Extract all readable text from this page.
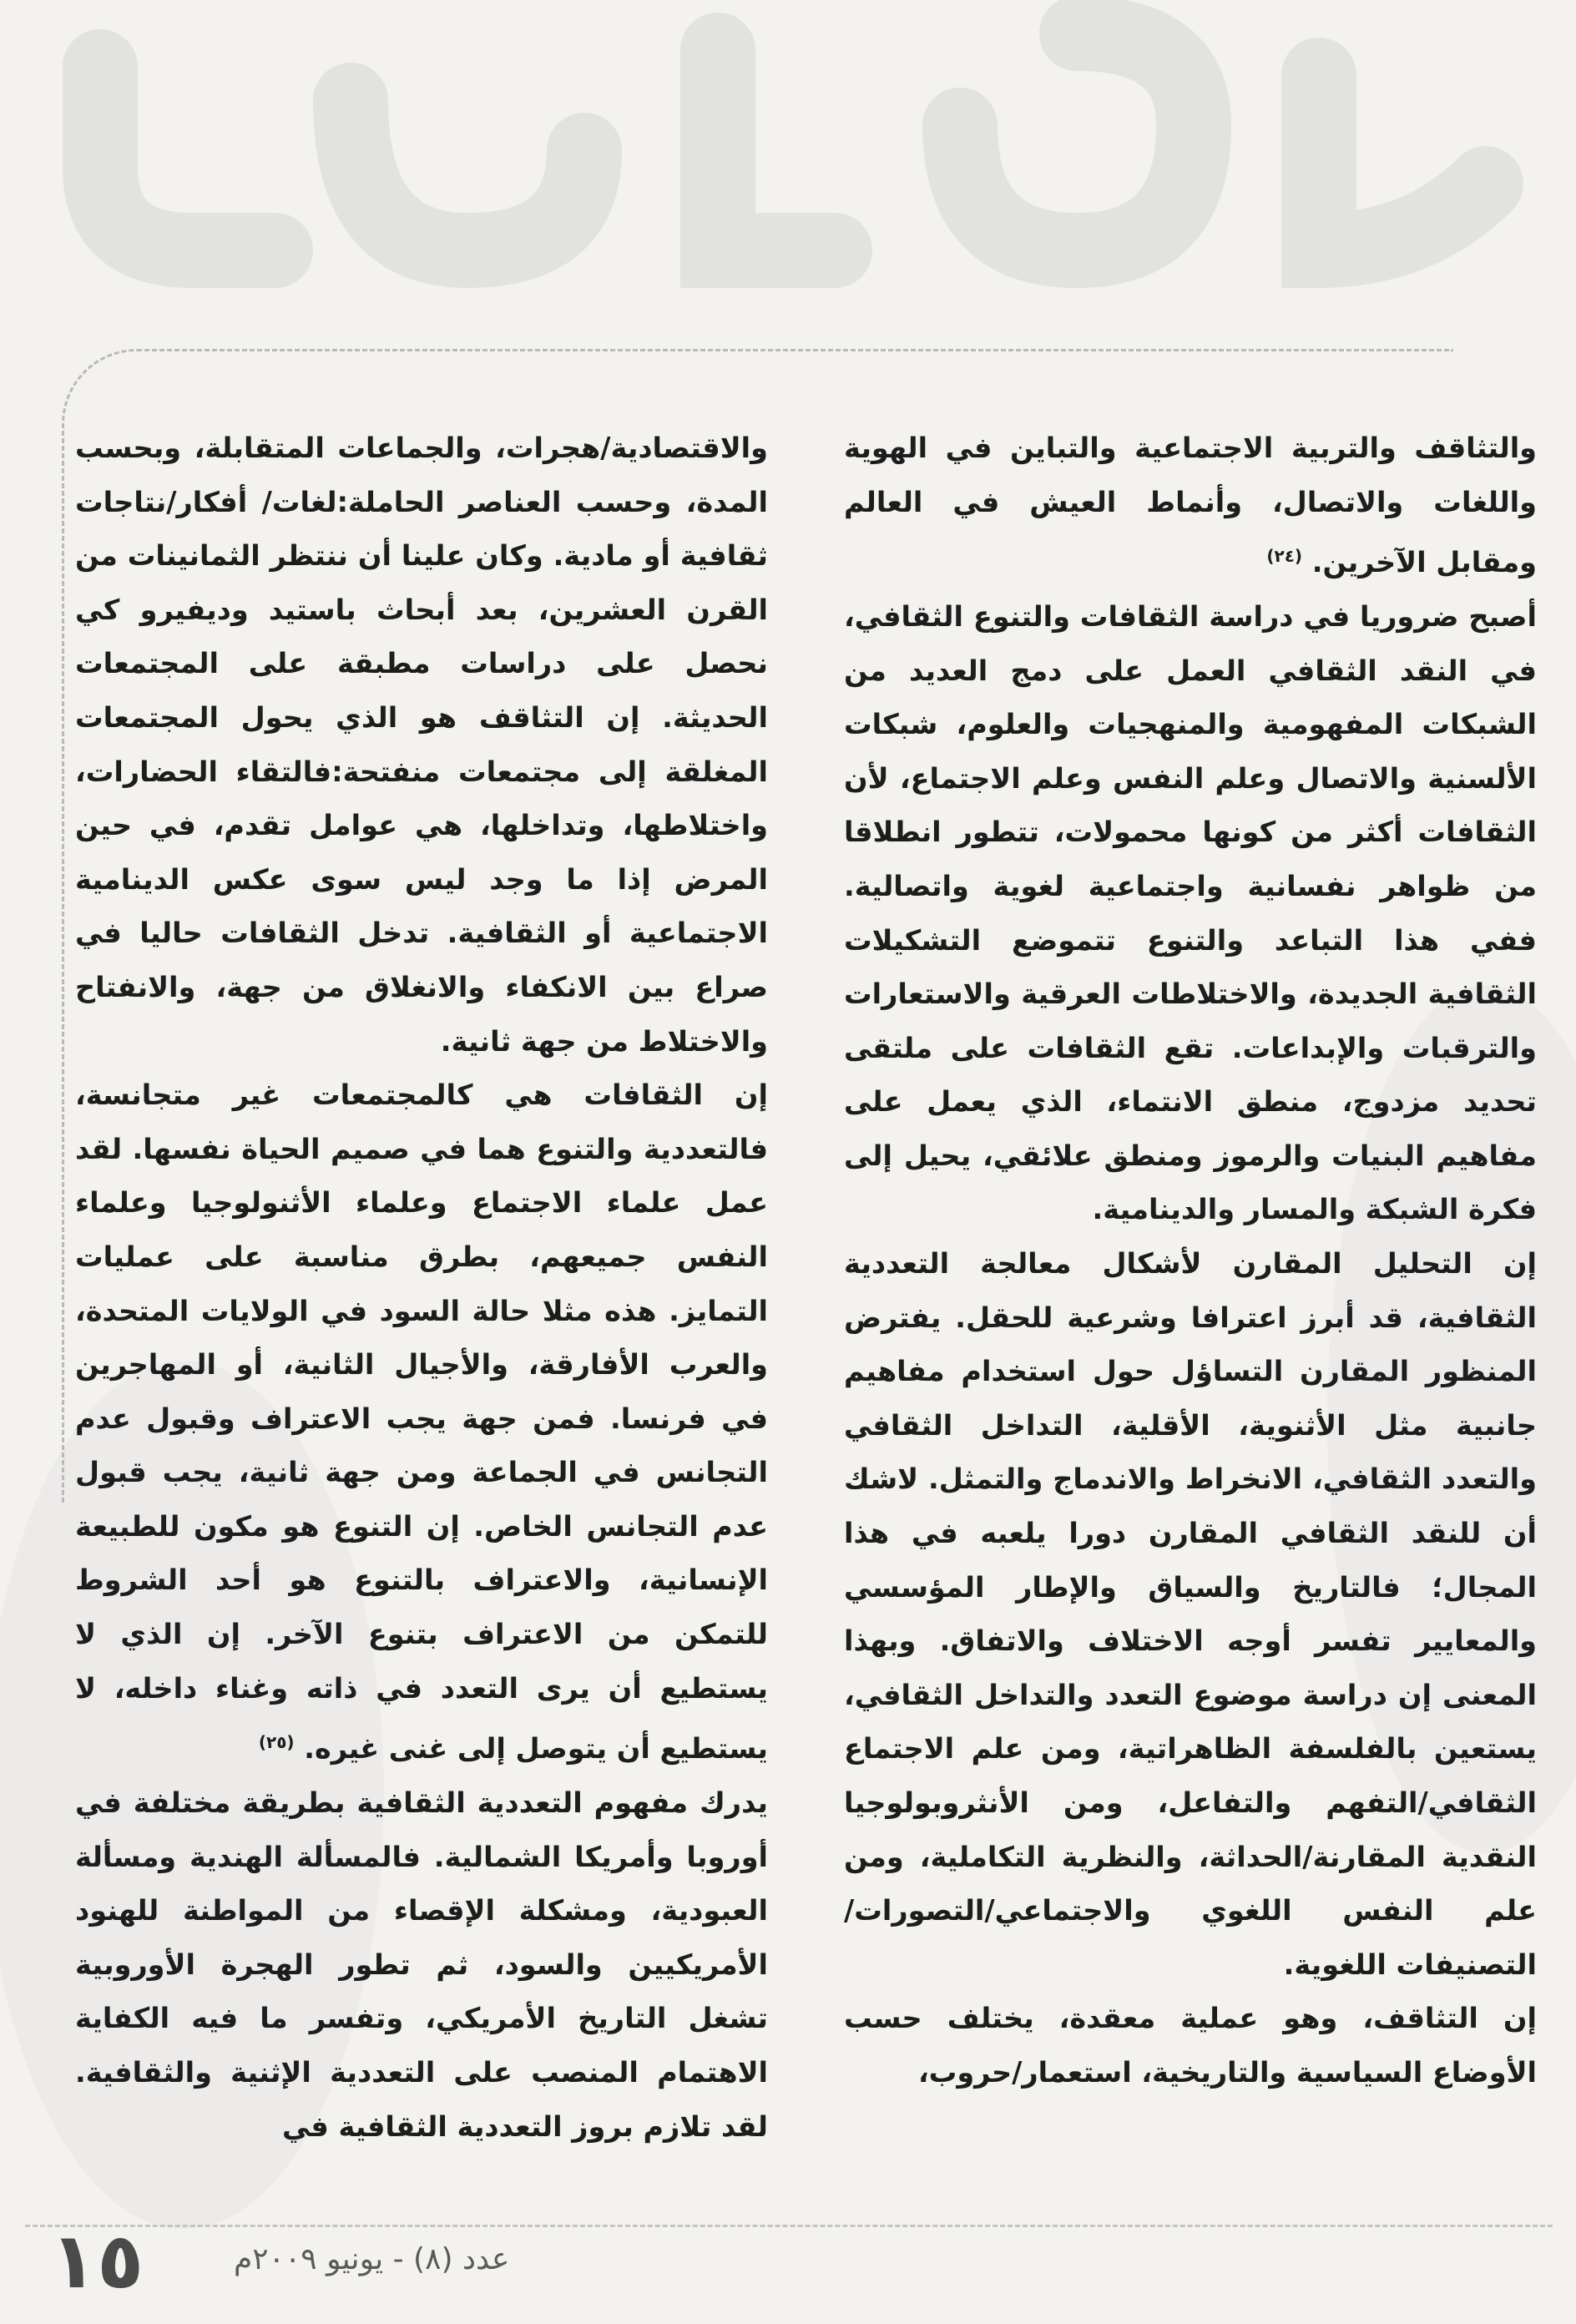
والتثاقف والتربية الاجتماعية والتباين في الهوية واللغات والاتصال، وأنماط العيش في العالم ومقابل الآخرين. $^{(٢٤)}$

أصبح ضروريا في دراسة الثقافات والتنوع الثقافي، في النقد الثقافي العمل على دمج العديد من الشبكات المفهومية والمنهجيات والعلوم، شبكات الألسنية والاتصال وعلم النفس وعلم الاجتماع، لأن الثقافات أكثر من كونها محمولات، تتطور انطلاقا من ظواهر نفسانية واجتماعية لغوية واتصالية. ففي هذا التباعد والتنوع تتموضع التشكيلات الثقافية الجديدة، والاختلاطات العرقية والاستعارات والترقبات والإبداعات. تقع الثقافات على ملتقى تحديد مزدوج، منطق الانتماء، الذي يعمل على مفاهيم البنيات والرموز ومنطق علائقي، يحيل إلى فكرة الشبكة والمسار والدينامية.

إن التحليل المقارن لأشكال معالجة التعددية الثقافية، قد أبرز اعترافا وشرعية للحقل. يفترض المنظور المقارن التساؤل حول استخدام مفاهيم جانبية مثل الأثنوية، الأقلية، التداخل الثقافي والتعدد الثقافي، الانخراط والاندماج والتمثل. لاشك أن للنقد الثقافي المقارن دورا يلعبه في هذا المجال؛ فالتاريخ والسياق والإطار المؤسسي والمعايير تفسر أوجه الاختلاف والاتفاق. وبهذا المعنى إن دراسة موضوع التعدد والتداخل الثقافي، يستعين بالفلسفة الظاهراتية، ومن علم الاجتماع الثقافي/التفهم والتفاعل، ومن الأنثروبولوجيا النقدية المقارنة/الحداثة، والنظرية التكاملية، ومن علم النفس اللغوي والاجتماعي/التصورات/ التصنيفات اللغوية.

إن التثاقف، وهو عملية معقدة، يختلف حسب الأوضاع السياسية والتاريخية، استعمار/حروب،

والاقتصادية/هجرات، والجماعات المتقابلة، وبحسب المدة، وحسب العناصر الحاملة:لغات/ أفكار/نتاجات ثقافية أو مادية. وكان علينا أن ننتظر الثمانينات من القرن العشرين، بعد أبحاث باستيد وديفيرو كي نحصل على دراسات مطبقة على المجتمعات الحديثة. إن التثاقف هو الذي يحول المجتمعات المغلقة إلى مجتمعات منفتحة:فالتقاء الحضارات، واختلاطها، وتداخلها، هي عوامل تقدم، في حين المرض إذا ما وجد ليس سوى عكس الدينامية الاجتماعية أو الثقافية. تدخل الثقافات حاليا في صراع بين الانكفاء والانغلاق من جهة، والانفتاح والاختلاط من جهة ثانية.

إن الثقافات هي كالمجتمعات غير متجانسة، فالتعددية والتنوع هما في صميم الحياة نفسها. لقد عمل علماء الاجتماع وعلماء الأثنولوجيا وعلماء النفس جميعهم، بطرق مناسبة على عمليات التمايز. هذه مثلا حالة السود في الولايات المتحدة، والعرب الأفارقة، والأجيال الثانية، أو المهاجرين في فرنسا. فمن جهة يجب الاعتراف وقبول عدم التجانس في الجماعة ومن جهة ثانية، يجب قبول عدم التجانس الخاص. إن التنوع هو مكون للطبيعة الإنسانية، والاعتراف بالتنوع هو أحد الشروط للتمكن من الاعتراف بتنوع الآخر. إن الذي لا يستطيع أن يرى التعدد في ذاته وغناء داخله، لا يستطيع أن يتوصل إلى غنى غيره. $^{(٢٥)}$

يدرك مفهوم التعددية الثقافية بطريقة مختلفة في أوروبا وأمريكا الشمالية. فالمسألة الهندية ومسألة العبودية، ومشكلة الإقصاء من المواطنة للهنود الأمريكيين والسود، ثم تطور الهجرة الأوروبية تشغل التاريخ الأمريكي، وتفسر ما فيه الكفاية الاهتمام المنصب على التعددية الإثنية والثقافية. لقد تلازم بروز التعددية الثقافية في

عدد (٨) - يونيو ٢٠٠٩م
١٥
